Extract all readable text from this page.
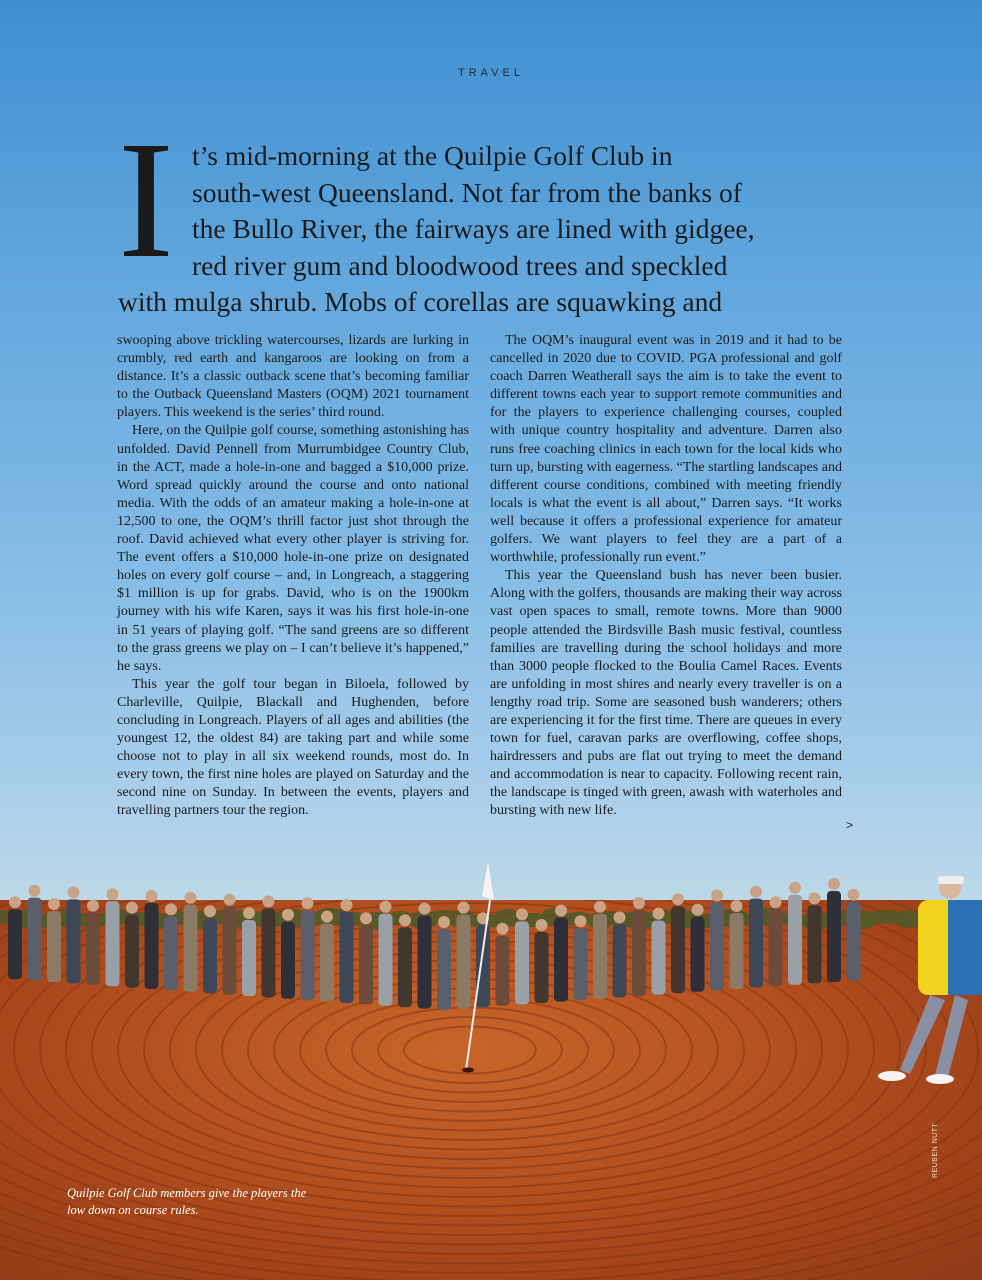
TRAVEL
I t’s mid-morning at the Quilpie Golf Club in
south-west Queensland. Not far from the banks of
the Bullo River, the fairways are lined with gidgee,
red river gum and bloodwood trees and speckled
with mulga shrub. Mobs of corellas are squawking and

swooping above trickling watercourses, lizards are lurking in crumbly, red earth and kangaroos are looking on from a distance. It’s a classic outback scene that’s becoming familiar to the Outback Queensland Masters (OQM) 2021 tournament players. This weekend is the series’ third round.

Here, on the Quilpie golf course, something astonishing has unfolded. David Pennell from Murrumbidgee Country Club, in the ACT, made a hole-in-one and bagged a $10,000 prize. Word spread quickly around the course and onto national media. With the odds of an amateur making a hole-in-one at 12,500 to one, the OQM’s thrill factor just shot through the roof. David achieved what every other player is striving for. The event offers a $10,000 hole-in-one prize on designated holes on every golf course – and, in Longreach, a staggering $1 million is up for grabs. David, who is on the 1900km journey with his wife Karen, says it was his first hole-in-one in 51 years of playing golf. “The sand greens are so different to the grass greens we play on – I can’t believe it’s happened,” he says.

This year the golf tour began in Biloela, followed by Charleville, Quilpie, Blackall and Hughenden, before concluding in Longreach. Players of all ages and abilities (the youngest 12, the oldest 84) are taking part and while some choose not to play in all six weekend rounds, most do. In every town, the first nine holes are played on Saturday and the second nine on Sunday. In between the events, players and travelling partners tour the region.

The OQM’s inaugural event was in 2019 and it had to be cancelled in 2020 due to COVID. PGA professional and golf coach Darren Weatherall says the aim is to take the event to different towns each year to support remote communities and for the players to experience challenging courses, coupled with unique country hospitality and adventure. Darren also runs free coaching clinics in each town for the local kids who turn up, bursting with eagerness. “The startling landscapes and different course conditions, combined with meeting friendly locals is what the event is all about,” Darren says. “It works well because it offers a professional experience for amateur golfers. We want players to feel they are a part of a worthwhile, professionally run event.”

This year the Queensland bush has never been busier. Along with the golfers, thousands are making their way across vast open spaces to small, remote towns. More than 9000 people attended the Birdsville Bash music festival, countless families are travelling during the school holidays and more than 3000 people flocked to the Boulia Camel Races. Events are unfolding in most shires and nearly every traveller is on a lengthy road trip. Some are seasoned bush wanderers; others are experiencing it for the first time. There are queues in every town for fuel, caravan parks are overflowing, coffee shops, hairdressers and pubs are flat out trying to meet the demand and accommodation is near to capacity. Following recent rain, the landscape is tinged with green, awash with waterholes and bursting with new life.

>
Quilpie Golf Club members give the players the low down on course rules.
REUBEN NUTT
